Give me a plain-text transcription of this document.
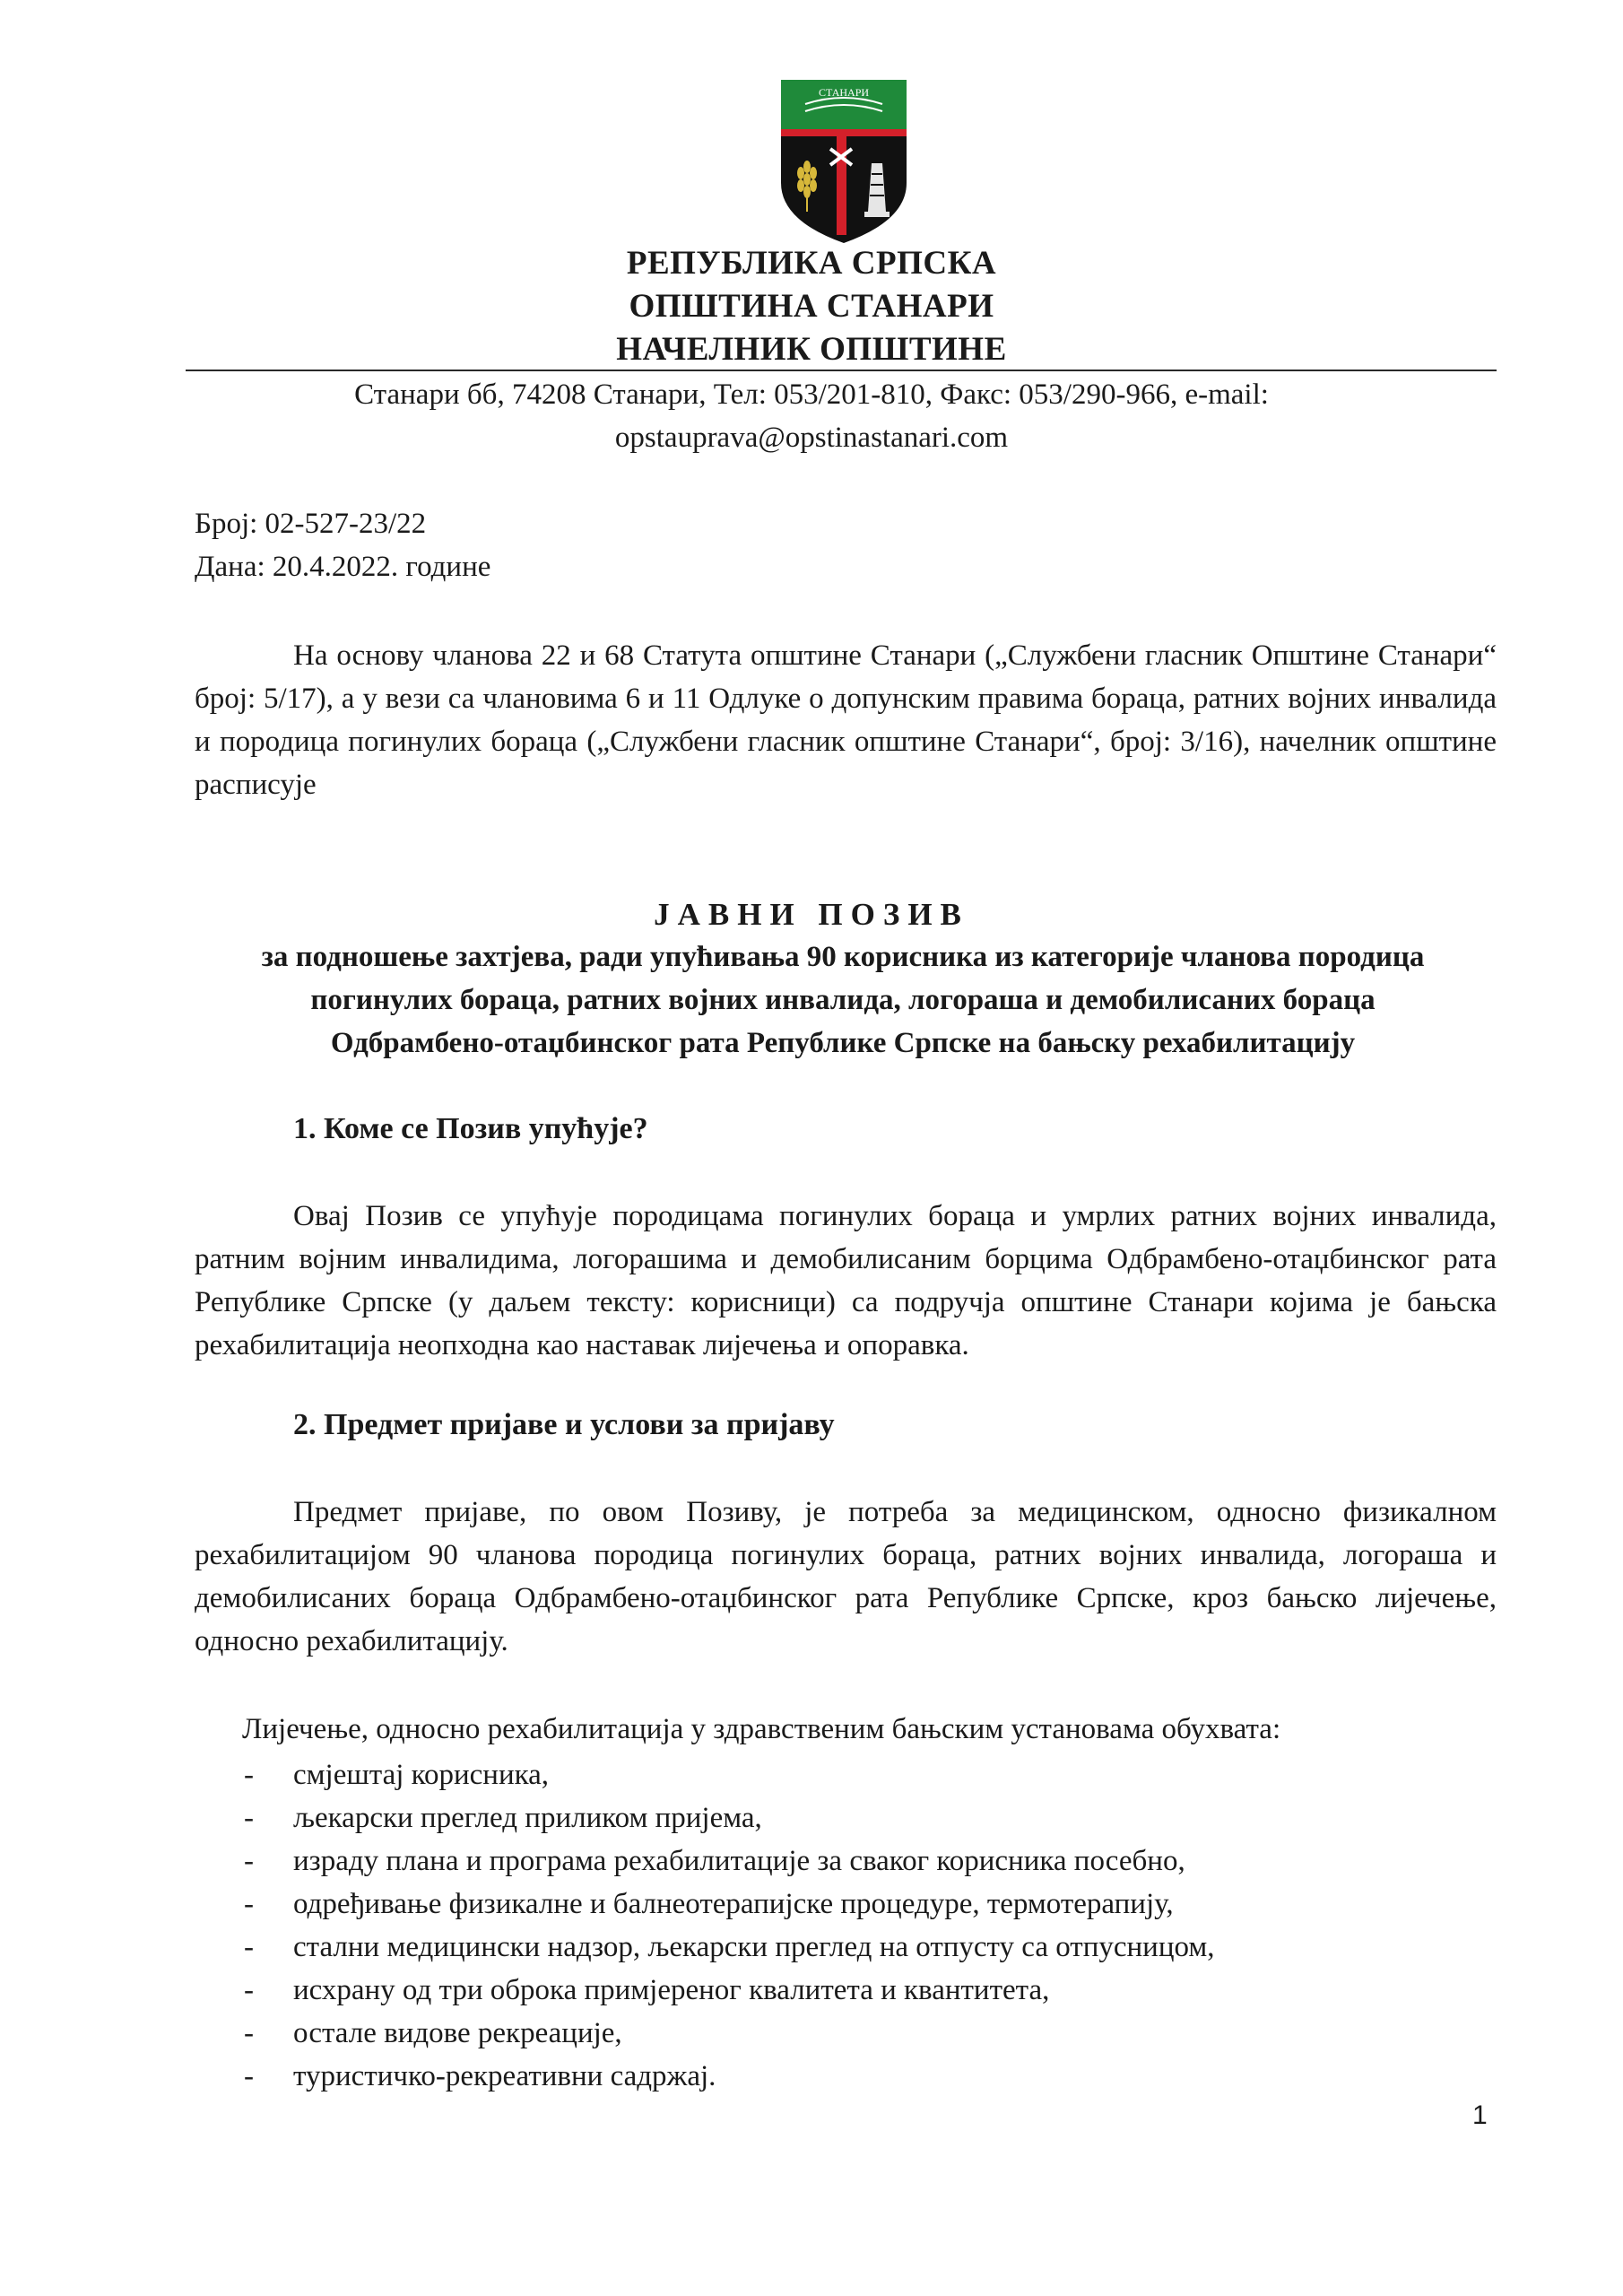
СТАНАРИ
РЕПУБЛИКА СРПСКА
ОПШТИНА СТАНАРИ
НАЧЕЛНИК ОПШТИНЕ
Станари бб, 74208 Станари, Тел: 053/201-810, Факс: 053/290-966, e-mail:
opstauprava@opstinastanari.com
Број: 02-527-23/22
Дана: 20.4.2022. године

На основу чланова 22 и 68 Статута општине Станари („Службени гласник Општине Станари“ број: 5/17), а у вези са члановима 6 и 11 Одлуке о допунским правима бораца, ратних војних инвалида и породица погинулих бораца („Службени гласник општине Станари“, број: 3/16), начелник општине расписује

ЈАВНИ ПОЗИВ
за подношење захтјева, ради упућивања 90 корисника из категорије чланова породица
погинулих бораца, ратних војних инвалида, логораша и демобилисаних бораца
Одбрамбено-отаџбинског рата Републике Српске на бањску рехабилитацију
1. Коме се Позив упућује?

Овај Позив се упућује породицама погинулих бораца и умрлих ратних војних инвалида, ратним војним инвалидима, логорашима и демобилисаним борцима Одбрамбено-отаџбинског рата Републике Српске (у даљем тексту: корисници) са подручја општине Станари којима је бањска рехабилитација неопходна као наставак лијечења и опоравка.

2. Предмет пријаве и услови за пријаву

Предмет пријаве, по овом Позиву, је потреба за медицинском, односно физикалном рехабилитацијом 90 чланова породица погинулих бораца, ратних војних инвалида, логораша и демобилисаних бораца Одбрамбено-отаџбинског рата Републике Српске, кроз бањско лијечење, односно рехабилитацију.

Лијечење, односно рехабилитација у здравственим бањским установама обухвата:
- смјештај корисника,
- љекарски преглед приликом пријема,
- израду плана и програма рехабилитације за сваког корисника посебно,
- одређивање физикалне и балнеотерапијске процедуре, термотерапију,
- стални медицински надзор, љекарски преглед на отпусту са отпусницом,
- исхрану од три оброка примјереног квалитета и квантитета,
- остале видове рекреације,
- туристичко-рекреативни садржај.
1
